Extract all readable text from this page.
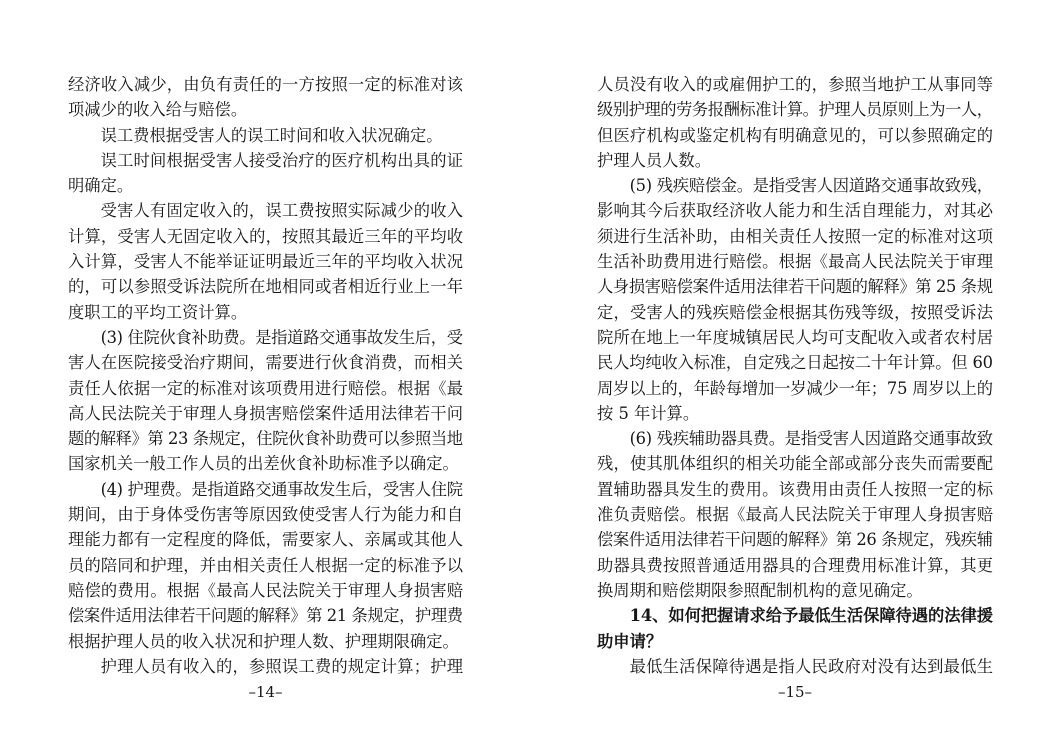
经济收入减少，由负有责任的一方按照一定的标准对该
项减少的收入给与赔偿。
误工费根据受害人的误工时间和收入状况确定。
误工时间根据受害人接受治疗的医疗机构出具的证
明确定。
受害人有固定收入的，误工费按照实际减少的收入
计算，受害人无固定收入的，按照其最近三年的平均收
入计算，受害人不能举证证明最近三年的平均收入状况
的，可以参照受诉法院所在地相同或者相近行业上一年
度职工的平均工资计算。
(3) 住院伙食补助费。是指道路交通事故发生后，受
害人在医院接受治疗期间，需要进行伙食消费，而相关
责任人依据一定的标准对该项费用进行赔偿。根据《最
高人民法院关于审理人身损害赔偿案件适用法律若干问
题的解释》第 23 条规定，住院伙食补助费可以参照当地
国家机关一般工作人员的出差伙食补助标准予以确定。
(4) 护理费。是指道路交通事故发生后，受害人住院
期间，由于身体受伤害等原因致使受害人行为能力和自
理能力都有一定程度的降低，需要家人、亲属或其他人
员的陪同和护理，并由相关责任人根据一定的标准予以
赔偿的费用。根据《最高人民法院关于审理人身损害赔
偿案件适用法律若干问题的解释》第 21 条规定，护理费
根据护理人员的收入状况和护理人数、护理期限确定。
护理人员有收入的，参照误工费的规定计算；护理
–14–
人员没有收入的或雇佣护工的，参照当地护工从事同等
级别护理的劳务报酬标准计算。护理人员原则上为一人，
但医疗机构或鉴定机构有明确意见的，可以参照确定的
护理人员人数。
(5) 残疾赔偿金。是指受害人因道路交通事故致残，
影响其今后获取经济收人能力和生活自理能力，对其必
须进行生活补助，由相关责任人按照一定的标准对这项
生活补助费用进行赔偿。根据《最高人民法院关于审理
人身损害赔偿案件适用法律若干问题的解释》第 25 条规
定，受害人的残疾赔偿金根据其伤残等级，按照受诉法
院所在地上一年度城镇居民人均可支配收入或者农村居
民人均纯收入标准，自定残之日起按二十年计算。但 60
周岁以上的，年龄每增加一岁减少一年；75 周岁以上的
按 5 年计算。
(6) 残疾辅助器具费。是指受害人因道路交通事故致
残，使其肌体组织的相关功能全部或部分丧失而需要配
置辅助器具发生的费用。该费用由责任人按照一定的标
准负责赔偿。根据《最高人民法院关于审理人身损害赔
偿案件适用法律若干问题的解释》第 26 条规定，残疾辅
助器具费按照普通适用器具的合理费用标准计算，其更
换周期和赔偿期限参照配制机构的意见确定。
14、如何把握请求给予最低生活保障待遇的法律援
助申请？
最低生活保障待遇是指人民政府对没有达到最低生
–15–
